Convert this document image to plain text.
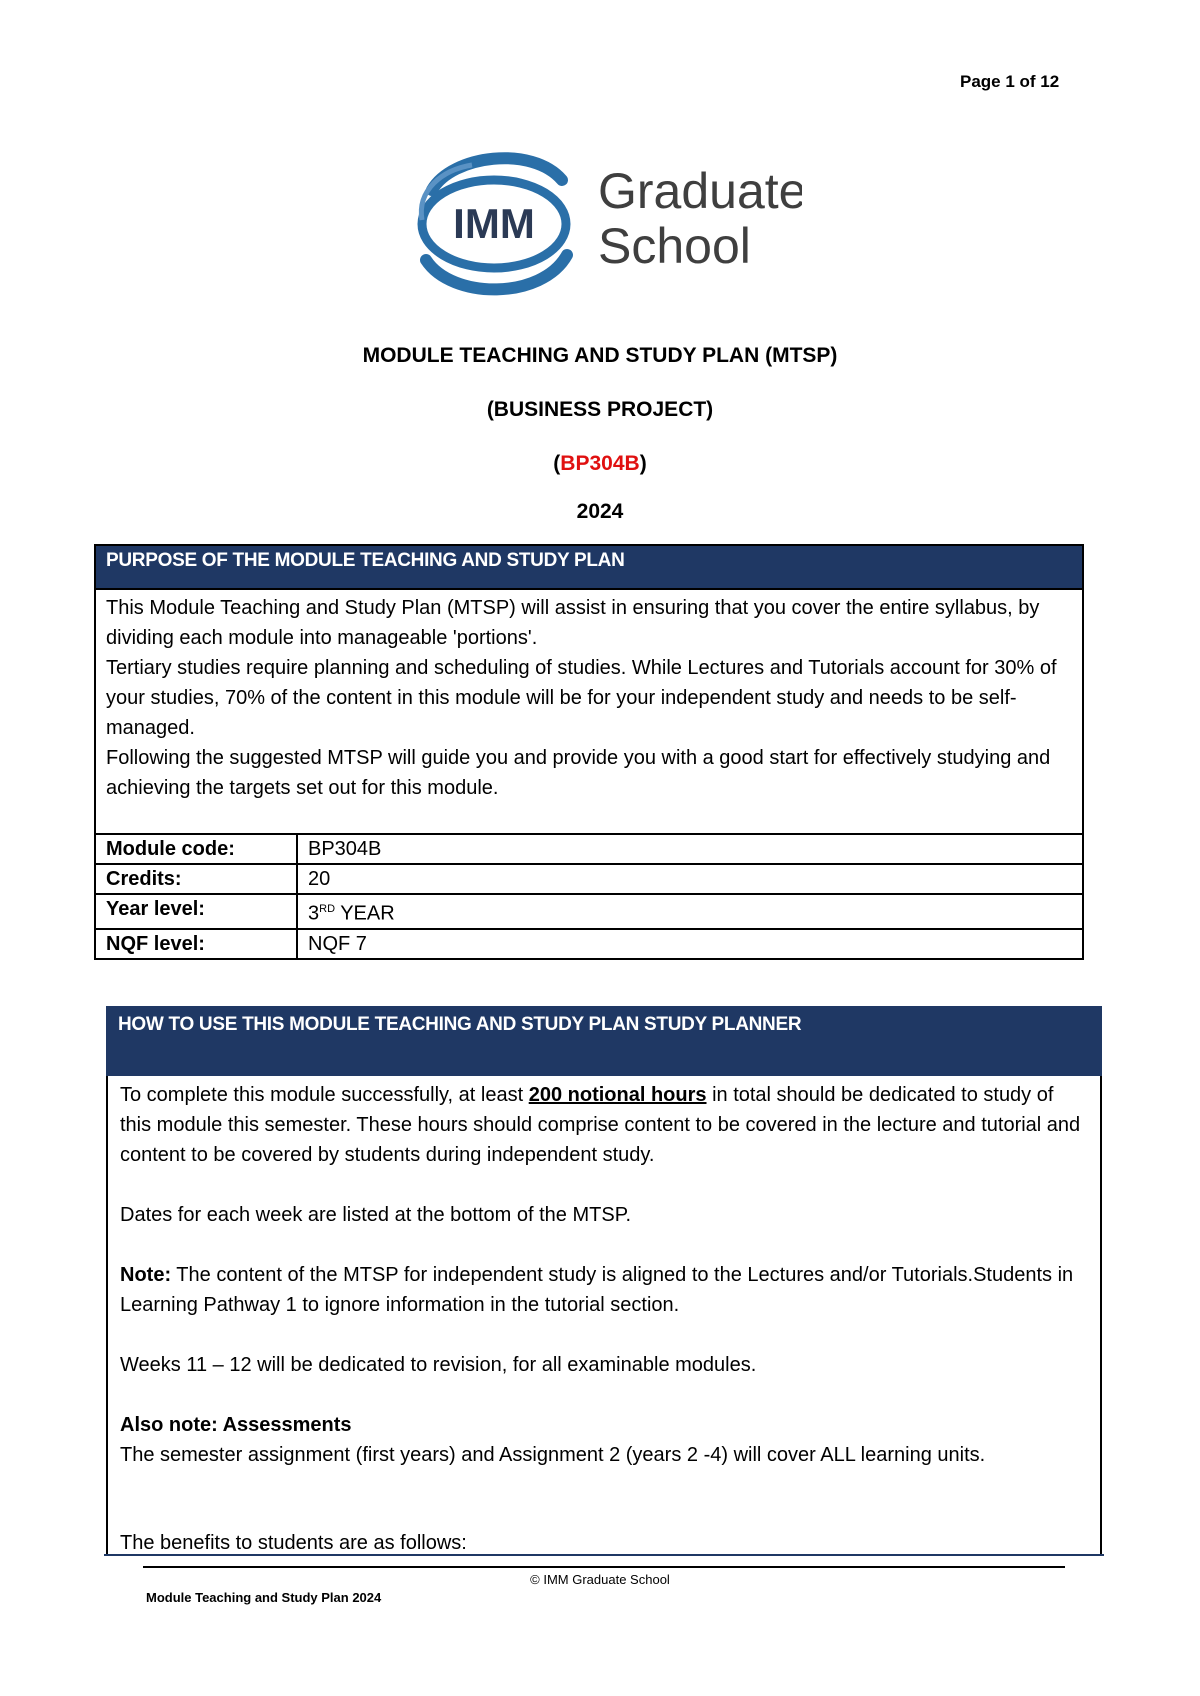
Page 1 of 12
IMM
Graduate
School
MODULE TEACHING AND STUDY PLAN (MTSP)
(BUSINESS PROJECT)
(BP304B)
2024
PURPOSE OF THE MODULE TEACHING AND STUDY PLAN	

This Module Teaching and Study Plan (MTSP) will assist in ensuring that you cover the entire syllabus, by dividing each module into manageable 'portions'.
Tertiary studies require planning and scheduling of studies. While Lectures and Tutorials account for 30% of your studies, 70% of the content in this module will be for your independent study and needs to be self-managed.
Following the suggested MTSP will guide you and provide you with a good start for effectively studying and achieving the targets set out for this module.	

Module code:	BP304B
Credits:	20
Year level:	3RD YEAR
NQF level:	NQF 7
HOW TO USE THIS MODULE TEACHING AND STUDY PLAN STUDY PLANNER

To complete this module successfully, at least 200 notional hours in total should be dedicated to study of this module this semester. These hours should comprise content to be covered in the lecture and tutorial and content to be covered by students during independent study.

Dates for each week are listed at the bottom of the MTSP.

Note: The content of the MTSP for independent study is aligned to the Lectures and/or Tutorials.Students in Learning Pathway 1 to ignore information in the tutorial section.

Weeks 11 – 12 will be dedicated to revision, for all examinable modules.

Also note: Assessments

The semester assignment (first years) and Assignment 2 (years 2 -4) will cover ALL learning units.

The benefits to students are as follows:

© IMM Graduate School
Module Teaching and Study Plan 2024
